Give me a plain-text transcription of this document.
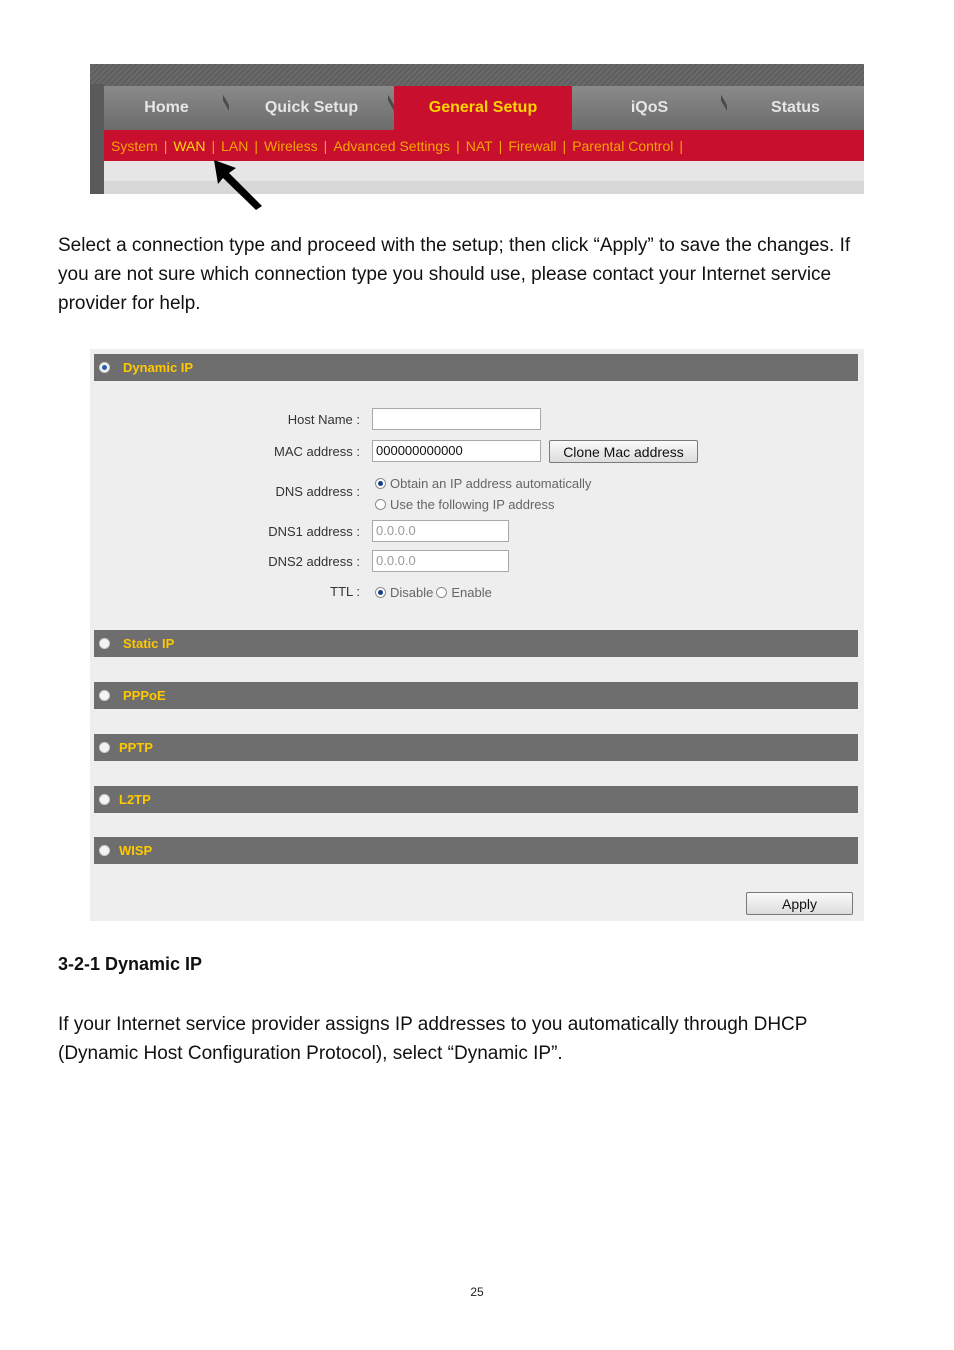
Home	Quick Setup	General Setup	iQoS	Status
System | WAN | LAN | Wireless | Advanced Settings | NAT | Firewall | Parental Control |
Select a connection type and proceed with the setup; then click “Apply” to save the changes. If you are not sure which connection type you should use, please contact your Internet service provider for help.
Dynamic IP
Host Name :
MAC address :	000000000000	Clone Mac address
DNS address :
Obtain an IP address automatically
Use the following IP address
DNS1 address :	0.0.0.0
DNS2 address :	0.0.0.0
TTL : Disable Enable
Static IP
PPPoE
PPTP
L2TP
WISP
Apply
3-2-1 Dynamic IP
If your Internet service provider assigns IP addresses to you automatically through DHCP (Dynamic Host Configuration Protocol), select “Dynamic IP”.
25
